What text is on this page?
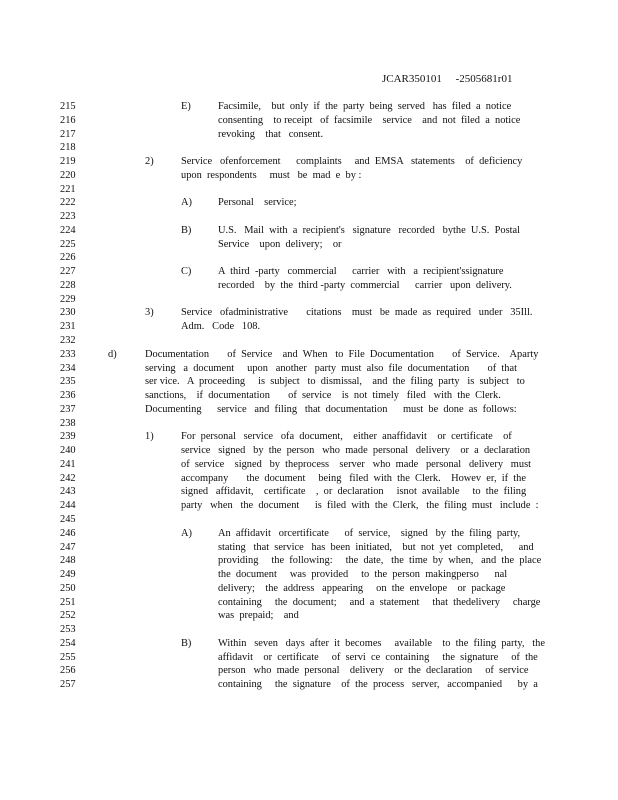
JCAR350101     -2505681r01
215	E)	Facsimile,    but  only  if  the  party  being  served   has  filed  a  notice
216	consenting    to receipt   of  facsimile    service    and  not  filed  a  notice
217	revoking    that   consent.
218
219	2)	Service   ofenforcement      complaints     and  EMSA   statements    of  deficiency
220	upon  respondents     must   be  mad  e  by :
221
222	A)	Personal    service;
223
224	B)	U.S.   Mail  with  a  recipient's   signature   recorded   bythe  U.S.  Postal
225	Service    upon  delivery;    or
226
227	C)	A  third  -party   commercial      carrier   with   a  recipient'ssignature
228	recorded    by  the  third -party  commercial      carrier   upon  delivery.
229
230	3)	Service   ofadministrative       citations    must   be  made  as  required   under   35Ill.
231	Adm.   Code   108.
232
233	d)	Documentation       of  Service    and  When   to  File  Documentation       of  Service.    Aparty
234	serving   a  document     upon   another   party  must  also  file  documentation       of  that
235	ser vice.   A  proceeding     is  subject   to  dismissal,    and  the  filing  party   is  subject   to
236	sanctions,    if  documentation       of  service    is  not  timely   filed   with  the  Clerk.
237	Documenting      service   and  filing   that  documentation      must  be  done  as  follows:
238
239	1)	For  personal   service   ofa  document,    either  anaffidavit    or  certificate    of
240	service   signed   by  the  person   who  made  personal   delivery    or  a  declaration
241	of  service    signed   by  theprocess    server   who  made   personal   delivery   must
242	accompany       the  document     being   filed  with  the  Clerk.    Howev  er,  if  the
243	signed   affidavit,    certificate    ,  or  declaration     isnot  available     to  the  filing
244	party   when   the  document      is  filed  with  the  Clerk,   the  filing  must   include  :
245
246	A)	An  affidavit   orcertificate      of  service,    signed   by  the  filing  party,
247	stating   that  service   has  been  initiated,    but  not  yet  completed,      and
248	providing     the  following:     the  date,   the  time  by  when,   and  the  place
249	the  document     was  provided     to  the  person  makingperso      nal
250	delivery;    the  address   appearing     on  the  envelope    or  package
251	containing     the  document;     and  a  statement     that  thedelivery     charge
252	was  prepaid;    and
253
254	B)	Within   seven   days  after  it  becomes     available    to  the  filing  party,   the
255	affidavit    or  certificate     of  servi  ce  containing     the  signature     of  the
256	person   who  made  personal    delivery    or  the  declaration     of  service
257	containing     the  signature    of  the  process   server,   accompanied      by  a
